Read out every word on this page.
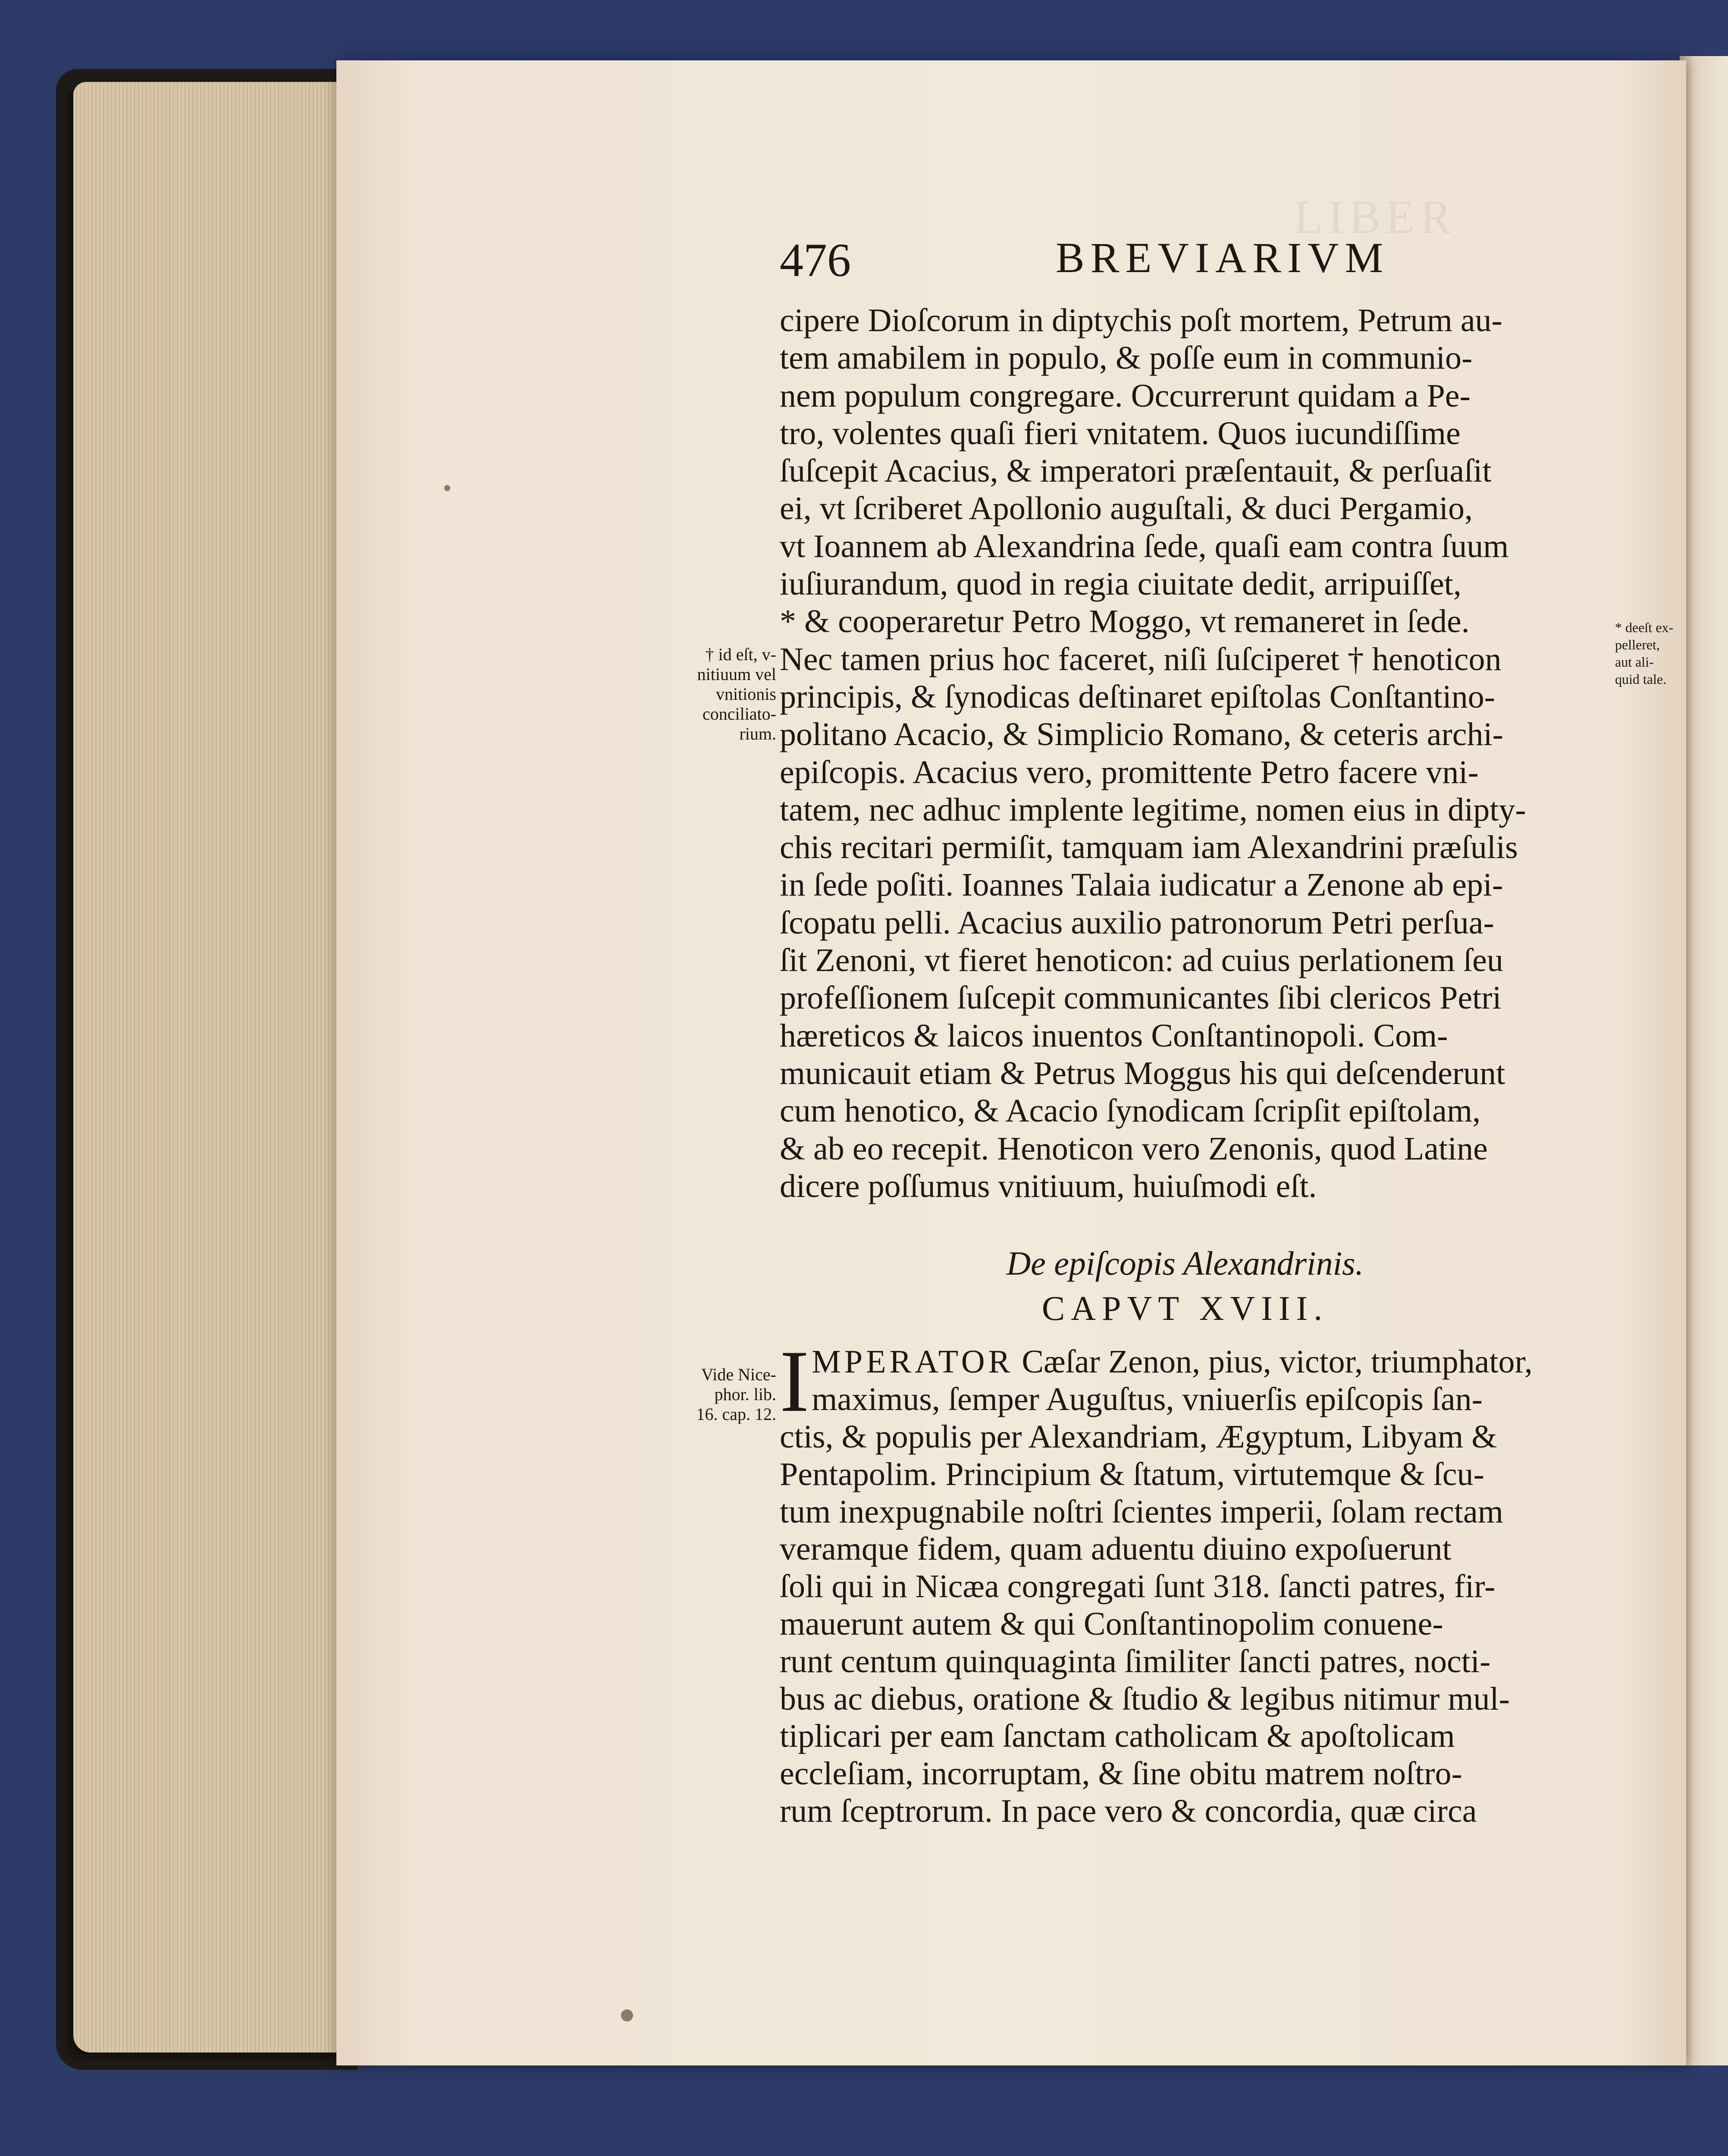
LIBER
476	BREVIARIVM
cipere Dioſcorum in diptychis poſt mortem, Petrum au-
tem amabilem in populo, & poſſe eum in communio-
nem populum congregare. Occurrerunt quidam a Pe-
tro, volentes quaſi fieri vnitatem. Quos iucundiſſime
ſuſcepit Acacius, & imperatori præſentauit, & perſuaſit
ei, vt ſcriberet Apollonio auguſtali, & duci Pergamio,
vt Ioannem ab Alexandrina ſede, quaſi eam contra ſuum
iuſiurandum, quod in regia ciuitate dedit, arripuiſſet,
* & cooperaretur Petro Moggo, vt remaneret in ſede.
Nec tamen prius hoc faceret, niſi ſuſciperet † henoticon
principis, & ſynodicas deſtinaret epiſtolas Conſtantino-
politano Acacio, & Simplicio Romano, & ceteris archi-
epiſcopis. Acacius vero, promittente Petro facere vni-
tatem, nec adhuc implente legitime, nomen eius in dipty-
chis recitari permiſit, tamquam iam Alexandrini præſulis
in ſede poſiti. Ioannes Talaia iudicatur a Zenone ab epi-
ſcopatu pelli. Acacius auxilio patronorum Petri perſua-
ſit Zenoni, vt fieret henoticon: ad cuius perlationem ſeu
profeſſionem ſuſcepit communicantes ſibi clericos Petri
hæreticos & laicos inuentos Conſtantinopoli. Com-
municauit etiam & Petrus Moggus his qui deſcenderunt
cum henotico, & Acacio ſynodicam ſcripſit epiſtolam,
& ab eo recepit. Henoticon vero Zenonis, quod Latine
dicere poſſumus vnitiuum, huiuſmodi eſt.
De epiſcopis Alexandrinis.
CAPVT XVIII.
I MPERATOR Cæſar Zenon, pius, victor, triumphator,
maximus, ſemper Auguſtus, vniuerſis epiſcopis ſan-
ctis, & populis per Alexandriam, Ægyptum, Libyam &
Pentapolim. Principium & ſtatum, virtutemque & ſcu-
tum inexpugnabile noſtri ſcientes imperii, ſolam rectam
veramque fidem, quam aduentu diuino expoſuerunt
ſoli qui in Nicæa congregati ſunt 318. ſancti patres, fir-
mauerunt autem & qui Conſtantinopolim conuene-
runt centum quinquaginta ſimiliter ſancti patres, nocti-
bus ac diebus, oratione & ſtudio & legibus nitimur mul-
tiplicari per eam ſanctam catholicam & apoſtolicam
eccleſiam, incorruptam, & ſine obitu matrem noſtro-
rum ſceptrorum. In pace vero & concordia, quæ circa
† id eſt, v-
nitiuum vel
vnitionis
conciliato-
rium.
Vide Nice-
phor. lib.
16. cap. 12.
* deeſt ex-
pelleret,
aut ali-
quid tale.
